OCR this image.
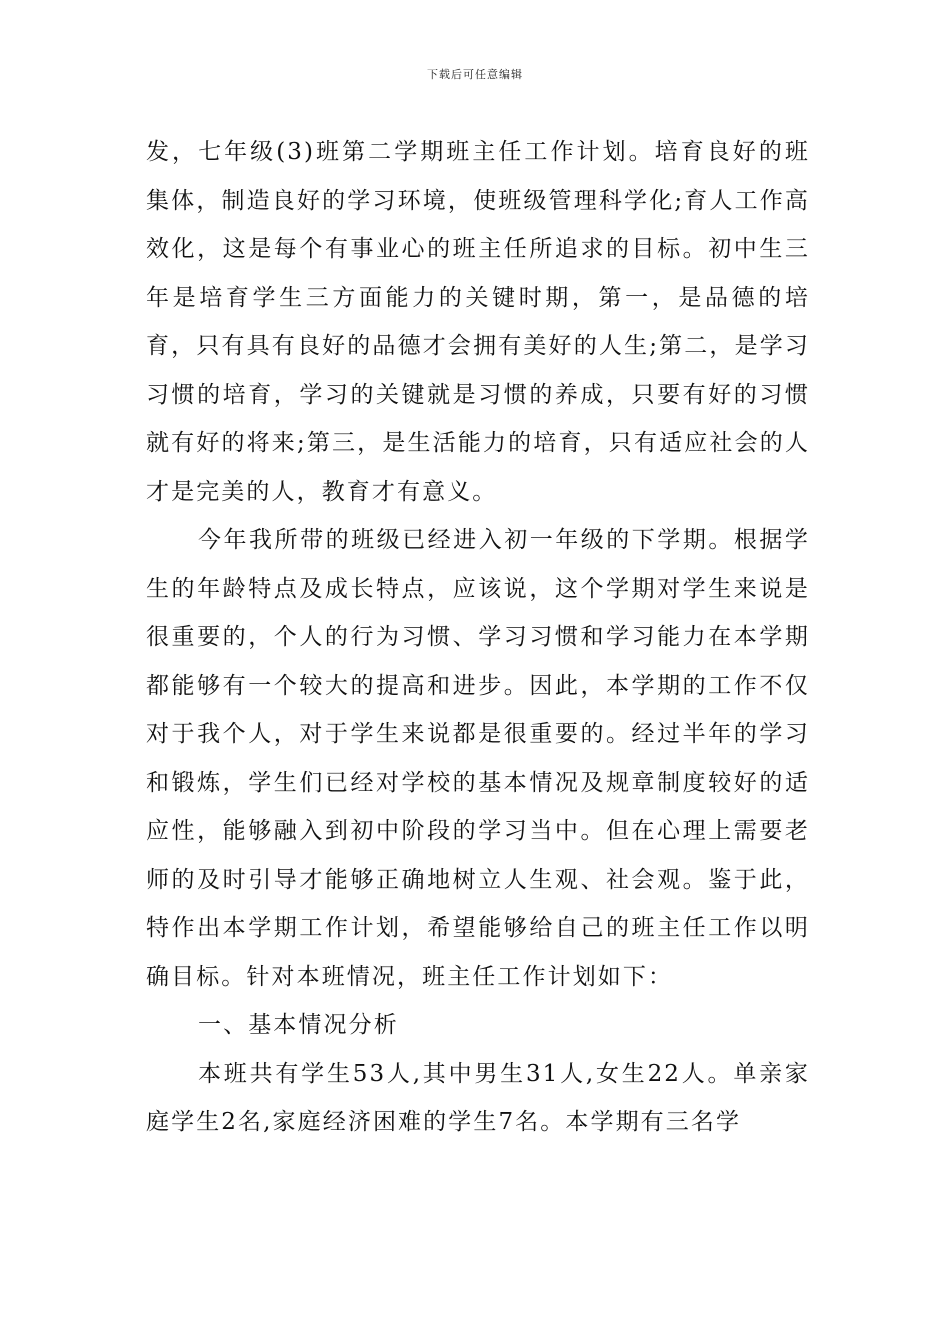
下载后可任意编辑

发，七年级(3)班第二学期班主任工作计划。培育良好的班集体，制造良好的学习环境，使班级管理科学化;育人工作高效化，这是每个有事业心的班主任所追求的目标。初中生三年是培育学生三方面能力的关键时期，第一，是品德的培育，只有具有良好的品德才会拥有美好的人生;第二，是学习习惯的培育，学习的关键就是习惯的养成，只要有好的习惯就有好的将来;第三，是生活能力的培育，只有适应社会的人才是完美的人，教育才有意义。

今年我所带的班级已经进入初一年级的下学期。根据学生的年龄特点及成长特点，应该说，这个学期对学生来说是很重要的，个人的行为习惯、学习习惯和学习能力在本学期都能够有一个较大的提高和进步。因此，本学期的工作不仅对于我个人，对于学生来说都是很重要的。经过半年的学习和锻炼，学生们已经对学校的基本情况及规章制度较好的适应性，能够融入到初中阶段的学习当中。但在心理上需要老师的及时引导才能够正确地树立人生观、社会观。鉴于此，特作出本学期工作计划，希望能够给自己的班主任工作以明确目标。针对本班情况，班主任工作计划如下：

一、基本情况分析

本班共有学生53人,其中男生31人,女生22人。单亲家庭学生2名,家庭经济困难的学生7名。本学期有三名学
